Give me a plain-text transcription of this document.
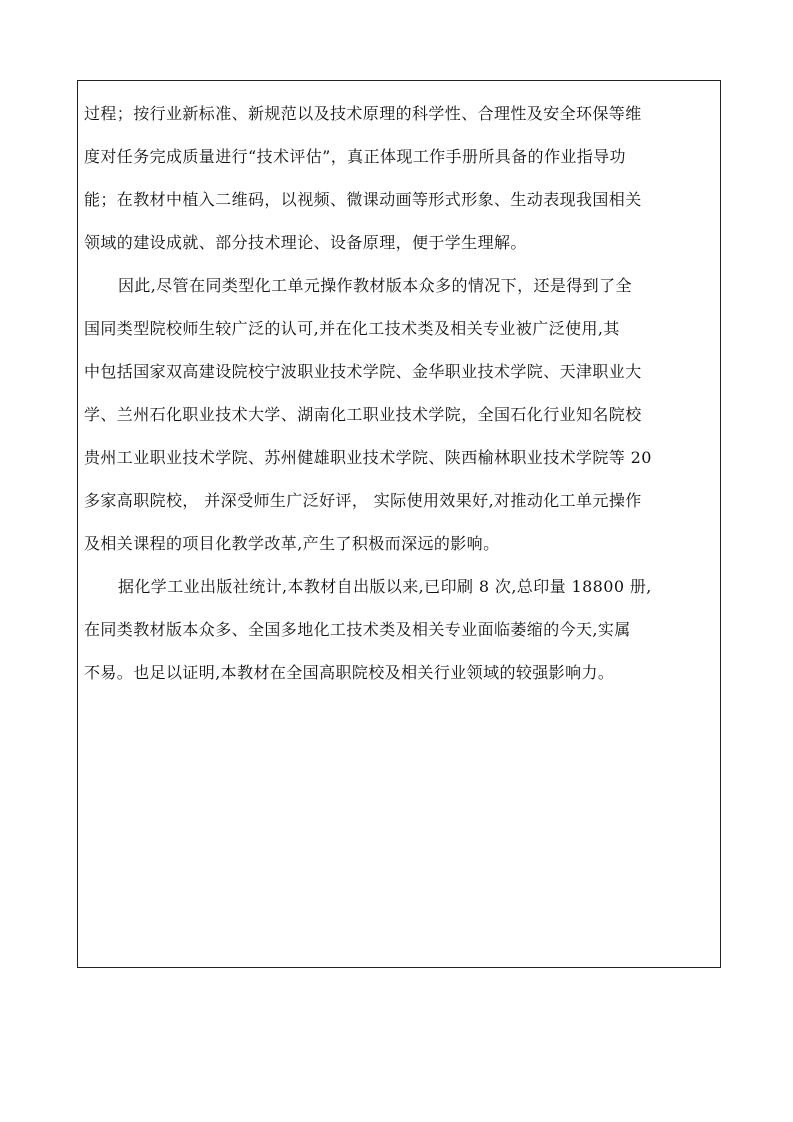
过程；按行业新标准、新规范以及技术原理的科学性、合理性及安全环保等维
度对任务完成质量进行“技术评估”，真正体现工作手册所具备的作业指导功
能；在教材中植入二维码，以视频、微课动画等形式形象、生动表现我国相关
领域的建设成就、部分技术理论、设备原理，便于学生理解。
因此,尽管在同类型化工单元操作教材版本众多的情况下，还是得到了全
国同类型院校师生较广泛的认可,并在化工技术类及相关专业被广泛使用,其
中包括国家双高建设院校宁波职业技术学院、金华职业技术学院、天津职业大
学、兰州石化职业技术大学、湖南化工职业技术学院，全国石化行业知名院校
贵州工业职业技术学院、苏州健雄职业技术学院、陕西榆林职业技术学院等 20
多家高职院校， 并深受师生广泛好评， 实际使用效果好,对推动化工单元操作
及相关课程的项目化教学改革,产生了积极而深远的影响。
据化学工业出版社统计,本教材自出版以来,已印刷 8 次,总印量 18800 册,
在同类教材版本众多、全国多地化工技术类及相关专业面临萎缩的今天,实属
不易。也足以证明,本教材在全国高职院校及相关行业领域的较强影响力。
